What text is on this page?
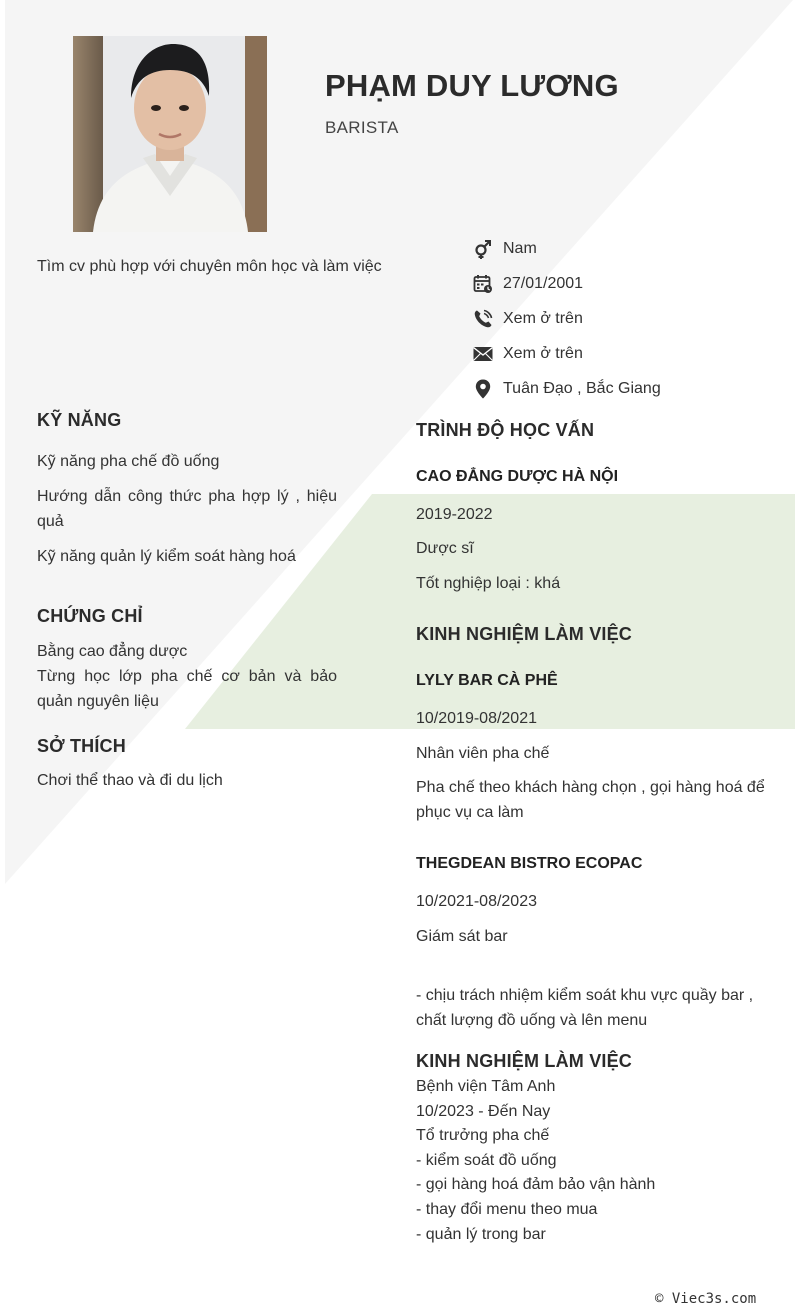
PHẠM DUY LƯƠNG
BARISTA
Tìm cv phù hợp với chuyên môn học và làm việc
Nam
27/01/2001
Xem ở trên
Xem ở trên
Tuân Đạo , Bắc Giang
KỸ NĂNG
Kỹ năng pha chế đồ uống
Hướng dẫn công thức pha hợp lý , hiệu quả
Kỹ năng quản lý kiểm soát hàng hoá
CHỨNG CHỈ
Bằng cao đẳng dược
Từng học lớp pha chế cơ bản và bảo quản nguyên liệu
SỞ THÍCH
Chơi thể thao và đi du lịch
TRÌNH ĐỘ HỌC VẤN
CAO ĐẲNG DƯỢC HÀ NỘI
2019-2022
Dược sĩ
Tốt nghiệp loại : khá
KINH NGHIỆM LÀM VIỆC
LYLY BAR CÀ PHÊ
10/2019-08/2021
Nhân viên pha chế
Pha chế theo khách hàng chọn , gọi hàng hoá để phục vụ ca làm
THEGDEAN BISTRO ECOPAC
10/2021-08/2023
Giám sát bar
- chịu trách nhiệm kiểm soát khu vực quầy bar , chất lượng đồ uống và lên menu
KINH NGHIỆM LÀM VIỆC
Bệnh viện Tâm Anh
10/2023 - Đến Nay
Tổ trưởng pha chế
- kiểm soát đồ uống
- gọi hàng hoá đảm bảo vận hành
- thay đổi menu theo mua
- quản lý trong bar
© Viec3s.com
